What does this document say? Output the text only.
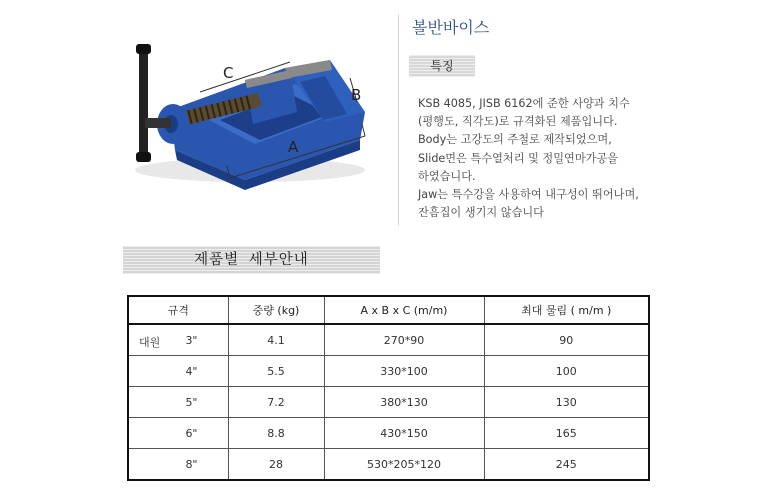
C
B
A
볼반바이스
특징
KSB 4085, JISB 6162에 준한 사양과 치수
(평행도, 직각도)로 규격화된 제품입니다.
Body는 고강도의 주철로 제작되었으며,
Slide면은 특수열처리 및 정밀연마가공을
하였습니다.
Jaw는 특수강을 사용하여 내구성이 뛰어나며,
잔흠집이 생기지 않습니다
제품별 세부안내
규격	중량 (kg)	A x B x C (m/m)	최대 물림 ( m/m )

대원 3"	4.1	270*90	90
4"	5.5	330*100	100
5"	7.2	380*130	130
6"	8.8	430*150	165
8"	28	530*205*120	245
